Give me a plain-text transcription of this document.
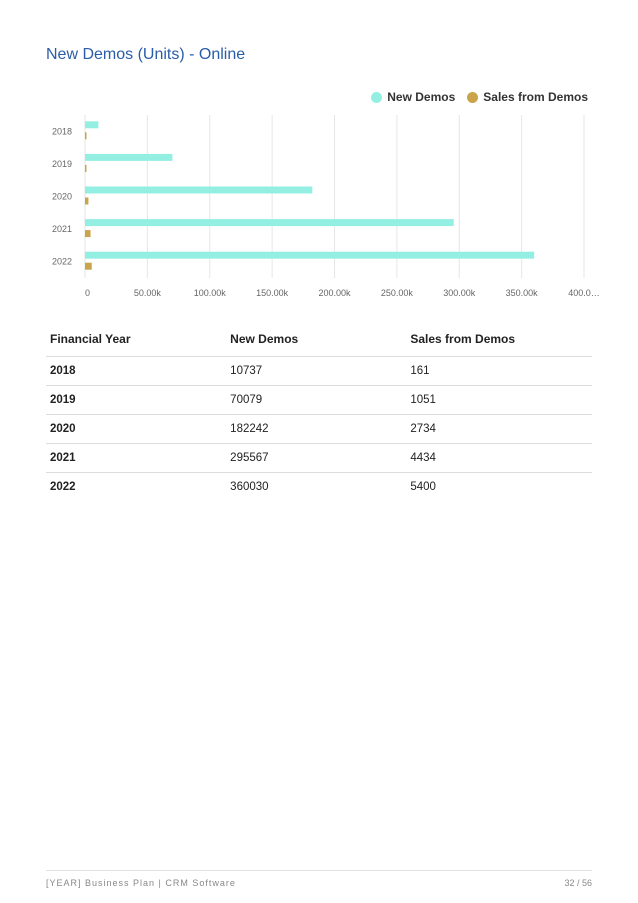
New Demos (Units) - Online
0	50.00k	100.00k	150.00k	200.00k	250.00k	300.00k	350.00k	400.0…
2018
2019
2020
2021
2022
New Demos Sales from Demos
Financial Year	New Demos	Sales from Demos
2018	10737	161
2019	70079	1051
2020	182242	2734
2021	295567	4434
2022	360030	5400
[YEAR] Business Plan | CRM Software	32 / 56
